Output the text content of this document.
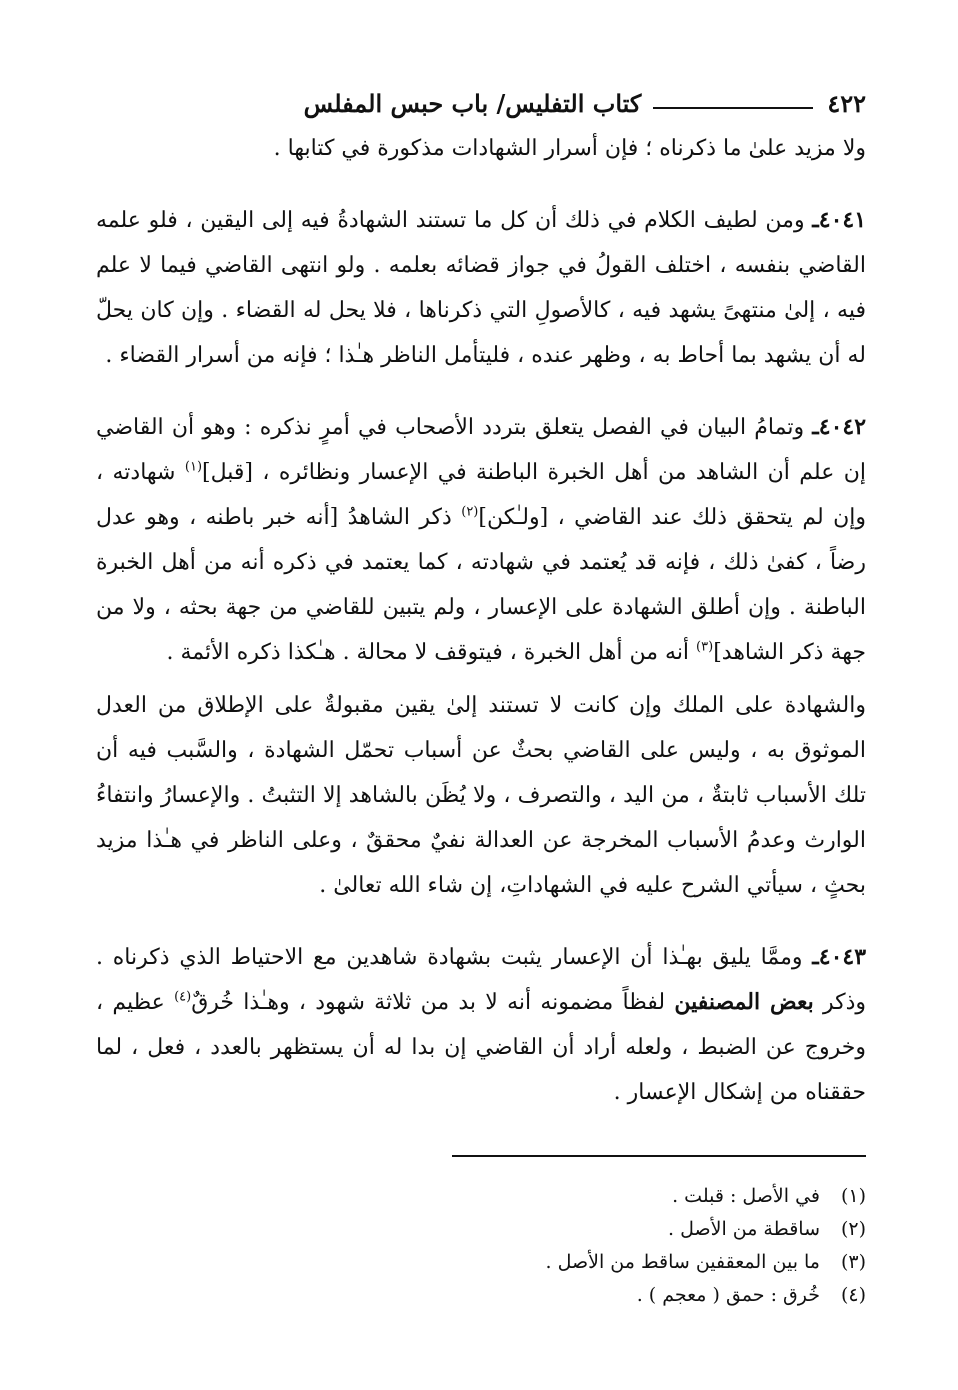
٤٢٢
كتاب التفليس/ باب حبس المفلس

ولا مزيد علىٰ ما ذكرناه ؛ فإن أسرار الشهادات مذكورة في كتابها .

٤٠٤١ـ ومن لطيف الكلام في ذلك أن كل ما تستند الشهادةُ فيه إلى اليقين ، فلو علمه القاضي بنفسه ، اختلف القولُ في جواز قضائه بعلمه . ولو انتهى القاضي فيما لا علم فيه ، إلىٰ منتهىً يشهد فيه ، كالأصولِ التي ذكرناها ، فلا يحل له القضاء . وإن كان يحلّ له أن يشهد بما أحاط به ، وظهر عنده ، فليتأمل الناظر هـٰذا ؛ فإنه من أسرار القضاء .

٤٠٤٢ـ وتمامُ البيان في الفصل يتعلق بتردد الأصحاب في أمرٍ نذكره : وهو أن القاضي إن علم أن الشاهد من أهل الخبرة الباطنة في الإعسار ونظائره ، [قبل]$^{(١)}$ شهادته ، وإن لم يتحقق ذلك عند القاضي ، [ولـٰكن]$^{(٢)}$ ذكر الشاهدُ [أنه خبر باطنه ، وهو عدل رضاً ، كفىٰ ذلك ، فإنه قد يُعتمد في شهادته ، كما يعتمد في ذكره أنه من أهل الخبرة الباطنة . وإن أطلق الشهادة على الإعسار ، ولم يتبين للقاضي من جهة بحثه ، ولا من جهة ذكر الشاهد]$^{(٣)}$ أنه من أهل الخبرة ، فيتوقف لا محالة . هـٰكذا ذكره الأئمة .

والشهادة على الملك وإن كانت لا تستند إلىٰ يقين مقبولةٌ على الإطلاق من العدل الموثوق به ، وليس على القاضي بحثٌ عن أسباب تحمّل الشهادة ، والسَّبب فيه أن تلك الأسباب ثابتةٌ ، من اليد ، والتصرف ، ولا يُظَن بالشاهد إلا التثبتُ . والإعسارُ وانتفاءُ الوارث وعدمُ الأسباب المخرجة عن العدالة نفيٌ محققٌ ، وعلى الناظر في هـٰذا مزيد بحثٍ ، سيأتي الشرح عليه في الشهاداتِ، إن شاء الله تعالىٰ .

٤٠٤٣ـ وممَّا يليق بهـٰذا أن الإعسار يثبت بشهادة شاهدين مع الاحتياط الذي ذكرناه . وذكر بعض المصنفين لفظاً مضمونه أنه لا بد من ثلاثة شهود ، وهـٰذا خُرقٌ$^{(٤)}$ عظيم ، وخروج عن الضبط ، ولعله أراد أن القاضي إن بدا له أن يستظهر بالعدد ، فعل ، لما حققناه من إشكال الإعسار .

(١)
في الأصل : قبلت .
(٢)
ساقطة من الأصل .
(٣)
ما بين المعقفين ساقط من الأصل .
(٤)
خُرق : حمق ( معجم ) .
